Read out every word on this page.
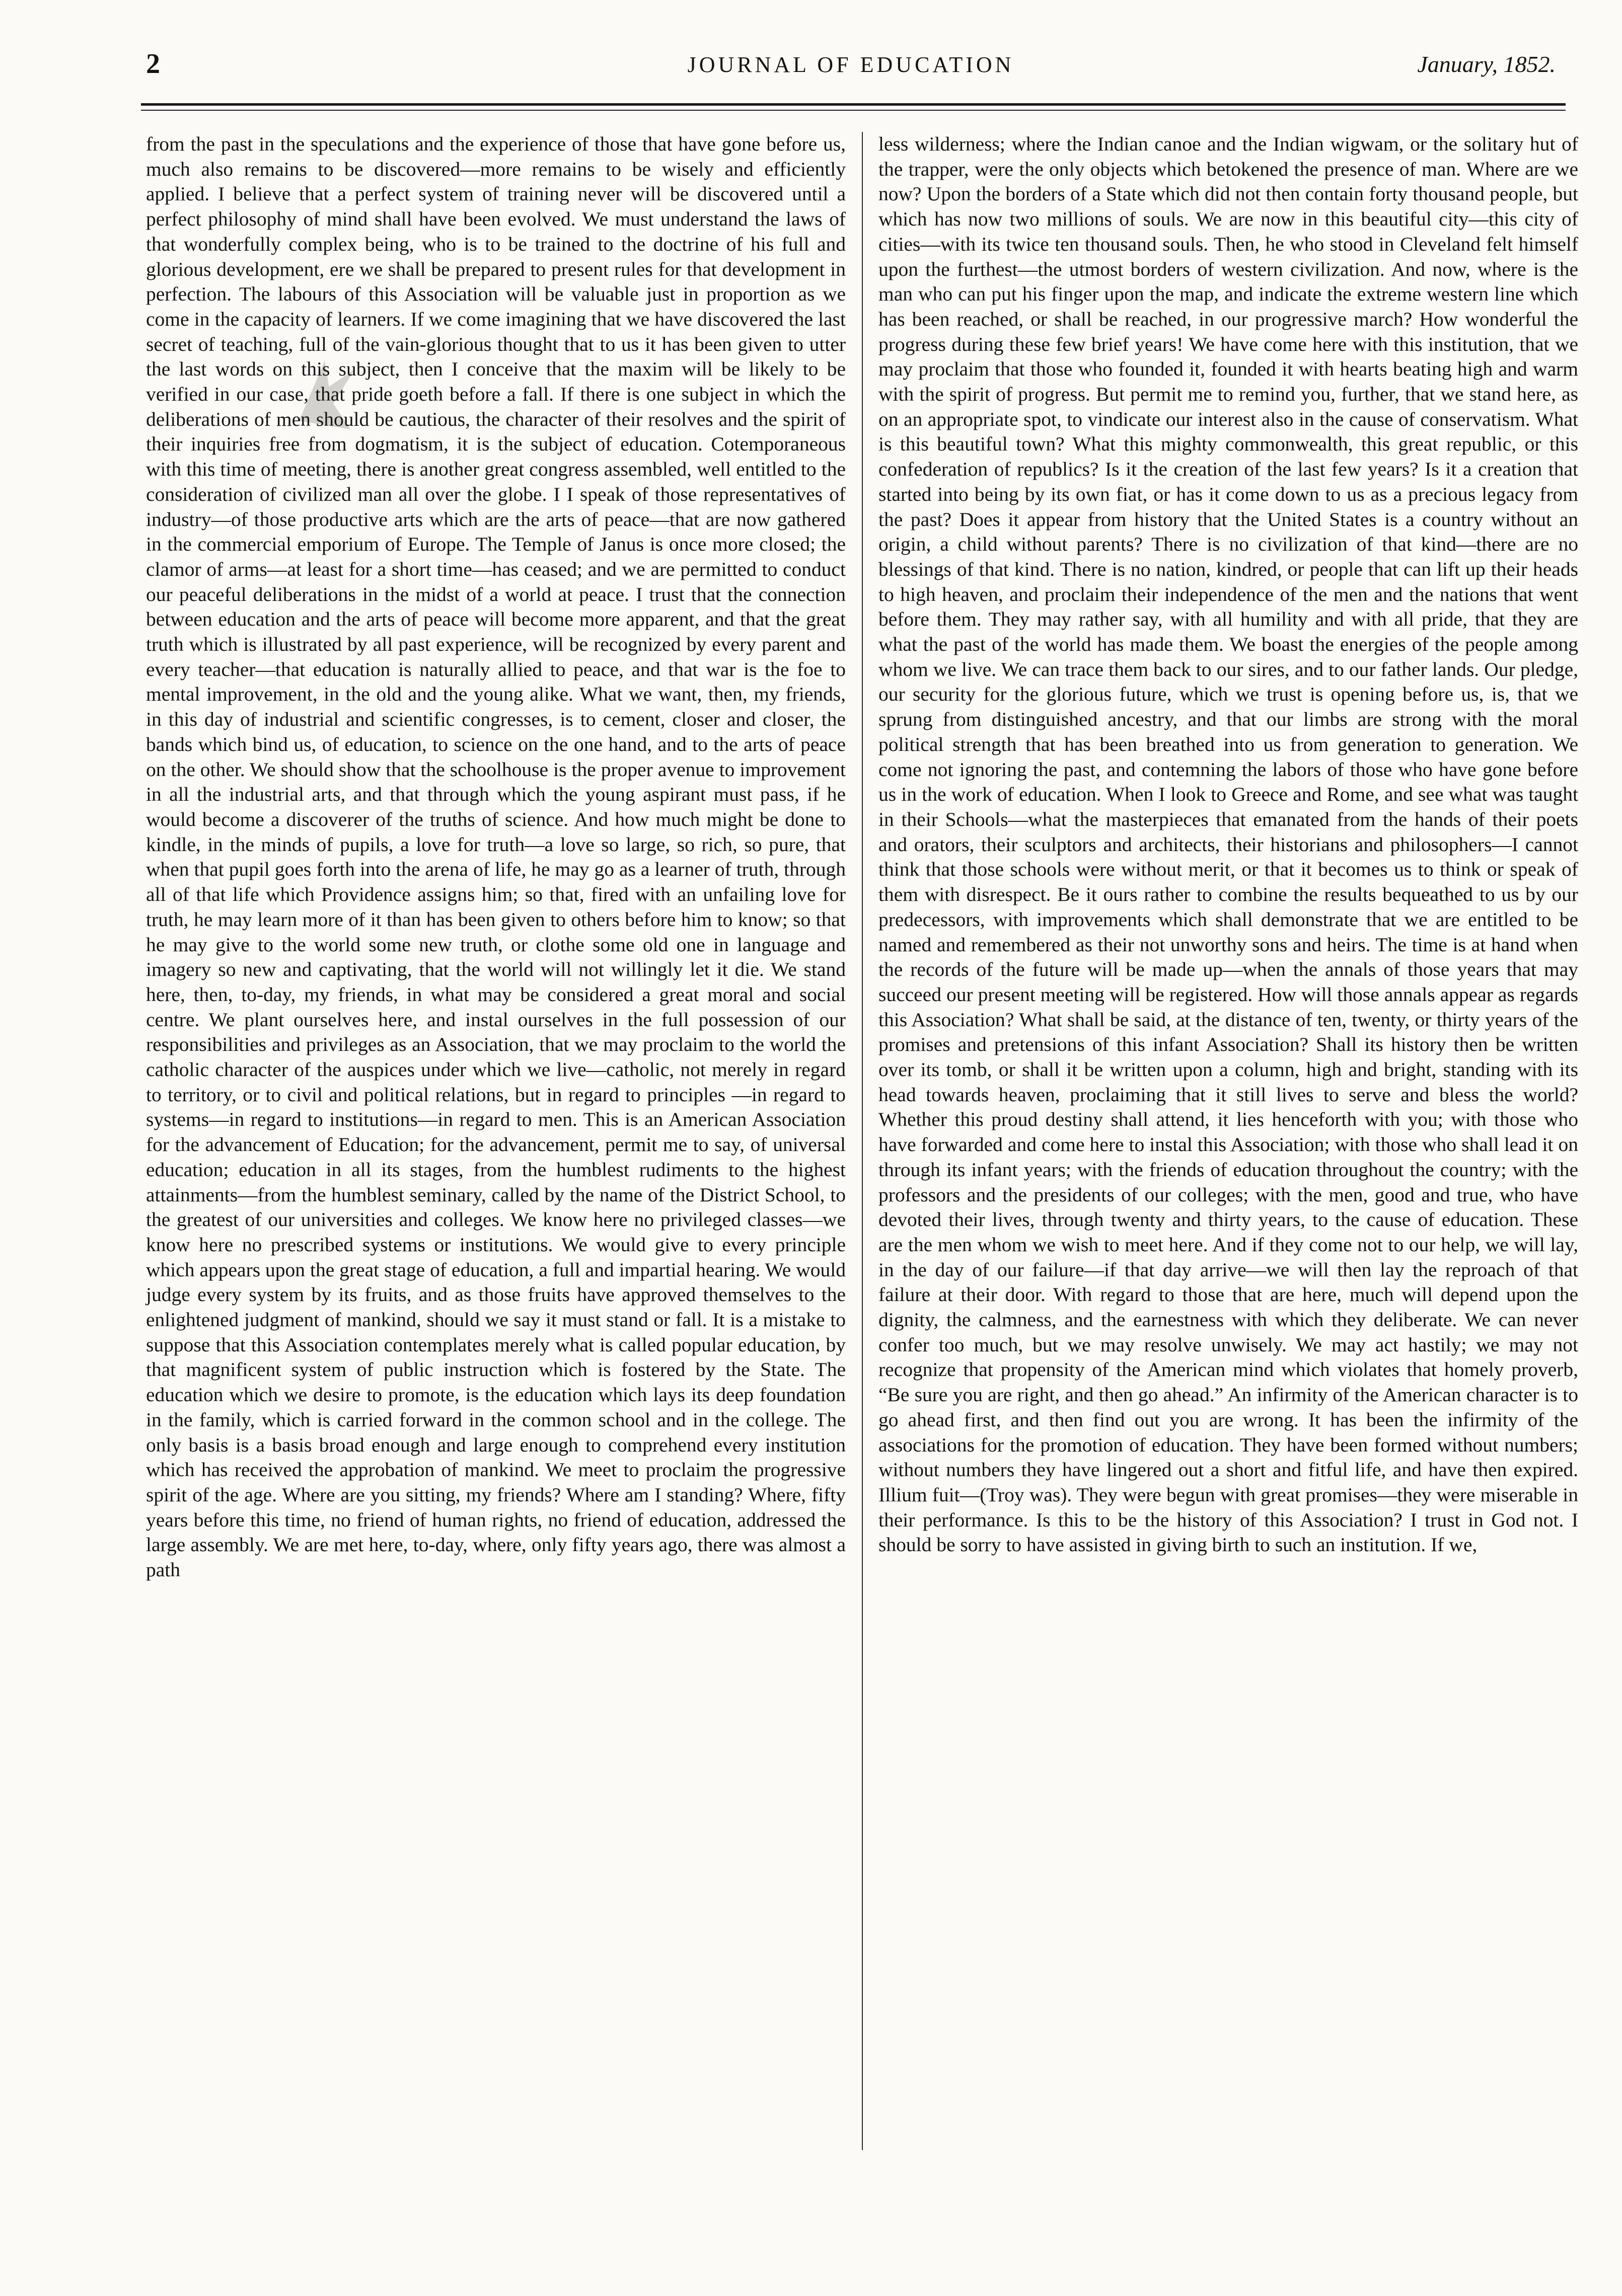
2	JOURNAL OF EDUCATION	January, 1852.

from the past in the speculations and the experience of those that have gone before us, much also remains to be discovered—more remains to be wisely and efficiently applied. I believe that a perfect system of training never will be discovered until a perfect philosophy of mind shall have been evolved. We must understand the laws of that wonderfully complex being, who is to be trained to the doctrine of his full and glorious development, ere we shall be prepared to present rules for that development in perfection. The labours of this Association will be valuable just in proportion as we come in the capacity of learners. If we come imagining that we have discovered the last secret of teaching, full of the vain-glorious thought that to us it has been given to utter the last words on this subject, then I conceive that the maxim will be likely to be verified in our case, that pride goeth before a fall. If there is one subject in which the deliberations of men should be cautious, the character of their resolves and the spirit of their inquiries free from dogmatism, it is the subject of education. Cotemporaneous with this time of meeting, there is another great congress assembled, well entitled to the consideration of civilized man all over the globe. I I speak of those representatives of industry—of those productive arts which are the arts of peace—that are now gathered in the commercial emporium of Europe. The Temple of Janus is once more closed; the clamor of arms—at least for a short time—has ceased; and we are permitted to conduct our peaceful deliberations in the midst of a world at peace. I trust that the connection between education and the arts of peace will become more apparent, and that the great truth which is illustrated by all past experience, will be recognized by every parent and every teacher—that education is naturally allied to peace, and that war is the foe to mental improvement, in the old and the young alike. What we want, then, my friends, in this day of industrial and scientific congresses, is to cement, closer and closer, the bands which bind us, of education, to science on the one hand, and to the arts of peace on the other. We should show that the schoolhouse is the proper avenue to improvement in all the industrial arts, and that through which the young aspirant must pass, if he would become a discoverer of the truths of science. And how much might be done to kindle, in the minds of pupils, a love for truth—a love so large, so rich, so pure, that when that pupil goes forth into the arena of life, he may go as a learner of truth, through all of that life which Providence assigns him; so that, fired with an unfailing love for truth, he may learn more of it than has been given to others before him to know; so that he may give to the world some new truth, or clothe some old one in language and imagery so new and captivating, that the world will not willingly let it die. We stand here, then, to-day, my friends, in what may be considered a great moral and social centre. We plant ourselves here, and instal ourselves in the full possession of our responsibilities and privileges as an Association, that we may proclaim to the world the catholic character of the auspices under which we live—catholic, not merely in regard to territory, or to civil and political relations, but in regard to principles —in regard to systems—in regard to institutions—in regard to men. This is an American Association for the advancement of Education; for the advancement, permit me to say, of universal education; education in all its stages, from the humblest rudiments to the highest attainments—from the humblest seminary, called by the name of the District School, to the greatest of our universities and colleges. We know here no privileged classes—we know here no prescribed systems or institutions. We would give to every principle which appears upon the great stage of education, a full and impartial hearing. We would judge every system by its fruits, and as those fruits have approved themselves to the enlightened judgment of mankind, should we say it must stand or fall. It is a mistake to suppose that this Association contemplates merely what is called popular education, by that magnificent system of public instruction which is fostered by the State. The education which we desire to promote, is the education which lays its deep foundation in the family, which is carried forward in the common school and in the college. The only basis is a basis broad enough and large enough to comprehend every institution which has received the approbation of mankind. We meet to proclaim the progressive spirit of the age. Where are you sitting, my friends? Where am I standing? Where, fifty years before this time, no friend of human rights, no friend of education, addressed the large assembly. We are met here, to-day, where, only fifty years ago, there was almost a path

less wilderness; where the Indian canoe and the Indian wigwam, or the solitary hut of the trapper, were the only objects which betokened the presence of man. Where are we now? Upon the borders of a State which did not then contain forty thousand people, but which has now two millions of souls. We are now in this beautiful city—this city of cities—with its twice ten thousand souls. Then, he who stood in Cleveland felt himself upon the furthest—the utmost borders of western civilization. And now, where is the man who can put his finger upon the map, and indicate the extreme western line which has been reached, or shall be reached, in our progressive march? How wonderful the progress during these few brief years! We have come here with this institution, that we may proclaim that those who founded it, founded it with hearts beating high and warm with the spirit of progress. But permit me to remind you, further, that we stand here, as on an appropriate spot, to vindicate our interest also in the cause of conservatism. What is this beautiful town? What this mighty commonwealth, this great republic, or this confederation of republics? Is it the creation of the last few years? Is it a creation that started into being by its own fiat, or has it come down to us as a precious legacy from the past? Does it appear from history that the United States is a country without an origin, a child without parents? There is no civilization of that kind—there are no blessings of that kind. There is no nation, kindred, or people that can lift up their heads to high heaven, and proclaim their independence of the men and the nations that went before them. They may rather say, with all humility and with all pride, that they are what the past of the world has made them. We boast the energies of the people among whom we live. We can trace them back to our sires, and to our father lands. Our pledge, our security for the glorious future, which we trust is opening before us, is, that we sprung from distinguished ancestry, and that our limbs are strong with the moral political strength that has been breathed into us from generation to generation. We come not ignoring the past, and contemning the labors of those who have gone before us in the work of education. When I look to Greece and Rome, and see what was taught in their Schools—what the masterpieces that emanated from the hands of their poets and orators, their sculptors and architects, their historians and philosophers—I cannot think that those schools were without merit, or that it becomes us to think or speak of them with disrespect. Be it ours rather to combine the results bequeathed to us by our predecessors, with improvements which shall demonstrate that we are entitled to be named and remembered as their not unworthy sons and heirs. The time is at hand when the records of the future will be made up—when the annals of those years that may succeed our present meeting will be registered. How will those annals appear as regards this Association? What shall be said, at the distance of ten, twenty, or thirty years of the promises and pretensions of this infant Association? Shall its history then be written over its tomb, or shall it be written upon a column, high and bright, standing with its head towards heaven, proclaiming that it still lives to serve and bless the world? Whether this proud destiny shall attend, it lies henceforth with you; with those who have forwarded and come here to instal this Association; with those who shall lead it on through its infant years; with the friends of education throughout the country; with the professors and the presidents of our colleges; with the men, good and true, who have devoted their lives, through twenty and thirty years, to the cause of education. These are the men whom we wish to meet here. And if they come not to our help, we will lay, in the day of our failure—if that day arrive—we will then lay the reproach of that failure at their door. With regard to those that are here, much will depend upon the dignity, the calmness, and the earnestness with which they deliberate. We can never confer too much, but we may resolve unwisely. We may act hastily; we may not recognize that propensity of the American mind which violates that homely proverb, “Be sure you are right, and then go ahead.” An infirmity of the American character is to go ahead first, and then find out you are wrong. It has been the infirmity of the associations for the promotion of education. They have been formed without numbers; without numbers they have lingered out a short and fitful life, and have then expired. Illium fuit—(Troy was). They were begun with great promises—they were miserable in their performance. Is this to be the history of this Association? I trust in God not. I should be sorry to have assisted in giving birth to such an institution. If we,
